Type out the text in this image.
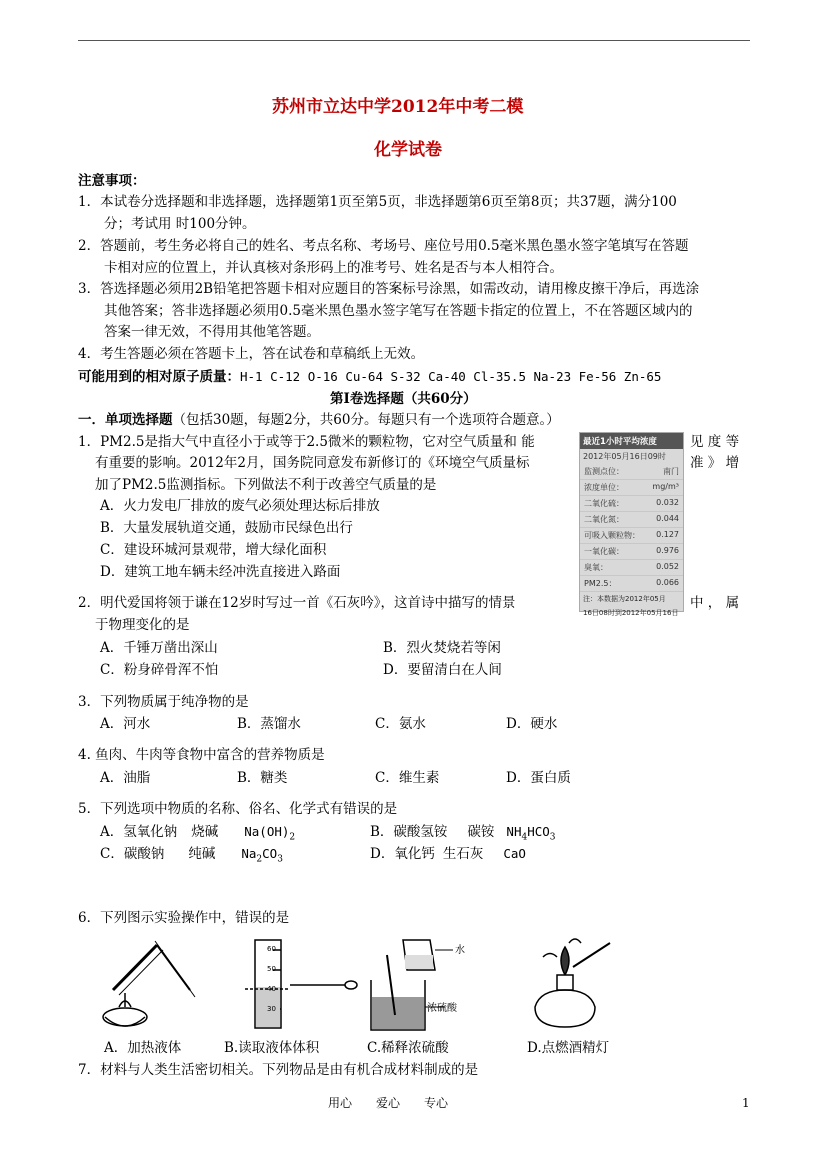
苏州市立达中学2012年中考二模
化学试卷
注意事项：
1．本试卷分选择题和非选择题，选择题第1页至第5页，非选择题第6页至第8页；共37题，满分100
分；考试用 时100分钟。
2．答题前，考生务必将自己的姓名、考点名称、考场号、座位号用0.5毫米黑色墨水签字笔填写在答题
卡相对应的位置上，并认真核对条形码上的准考号、姓名是否与本人相符合。
3．答选择题必须用2B铅笔把答题卡相对应题目的答案标号涂黑，如需改动，请用橡皮擦干净后，再选涂
其他答案；答非选择题必须用0.5毫米黑色墨水签字笔写在答题卡指定的位置上，不在答题区域内的
答案一律无效，不得用其他笔答题。
4．考生答题必须在答题卡上，答在试卷和草稿纸上无效。
可能用到的相对原子质量：H-1 C-12 O-16 Cu-64 S-32 Ca-40 Cl-35.5 Na-23 Fe-56 Zn-65
第Ⅰ卷选择题（共60分）
一．单项选择题（包括30题，每题2分，共60分。每题只有一个选项符合题意。）
1．PM2.5是指大气中直径小于或等于2.5微米的颗粒物，它对空气质量和 能	见 度 等
有重要的影响。2012年2月，国务院同意发布新修订的《环境空气质量标	准 》 增
加了PM2.5监测指标。下列做法不利于改善空气质量的是
A．火力发电厂排放的废气必须处理达标后排放
B．大量发展轨道交通，鼓励市民绿色出行
C．建设环城河景观带，增大绿化面积
D．建筑工地车辆未经冲洗直接进入路面
最近1小时平均浓度
2012年05月16日09时
监测点位：	南门
浓度单位：	mg/m³
二氧化硫：	0.032
二氧化氮：	0.044
可吸入颗粒物： 0.127
一氧化碳：	0.976
臭氧：	0.052
PM2.5：	0.066
注：本数据为2012年05月
16日08时到2012年05月16日
2．明代爱国将领于谦在12岁时写过一首《石灰吟》，这首诗中描写的情景	中 ， 属
于物理变化的是
A．千锤万凿出深山	B．烈火焚烧若等闲
C．粉身碎骨浑不怕	D．要留清白在人间
3．下列物质属于纯净物的是
A．河水	B．蒸馏水	C．氨水	D．硬水
4. 鱼肉、牛肉等食物中富含的营养物质是
A．油脂	B．糖类	C．维生素	D．蛋白质
5．下列选项中物质的名称、俗名、化学式有错误的是
A．氢氧化钠 烧碱 $Na(OH)_2$	B．碳酸氢铵 碳铵 $NH_4HCO_3$
C．碳酸钠 纯碱 $Na_2CO_3$	D．氧化钙 生石灰 CaO
6．下列图示实验操作中，错误的是
60
50
40
30
水
浓硫酸
A．加热液体	B.读取液体体积	C.稀释浓硫酸	D.点燃酒精灯
7．材料与人类生活密切相关。下列物品是由有机合成材料制成的是
用心　　爱心　　专心	1
